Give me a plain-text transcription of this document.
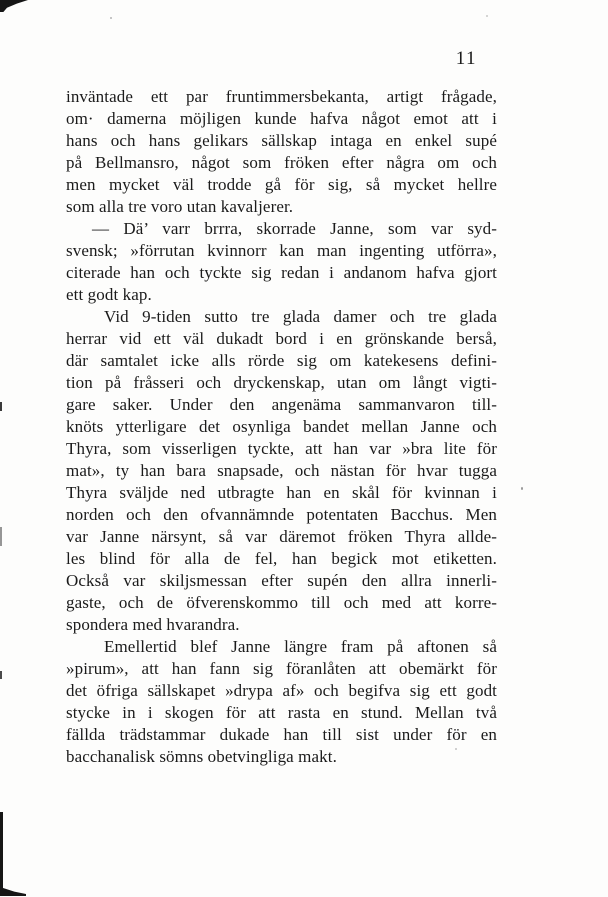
11
inväntade ett par fruntimmersbekanta, artigt frågade,
om· damerna möjligen kunde hafva något emot att i
hans och hans gelikars sällskap intaga en enkel supé
på Bellmansro, något som fröken efter några om och
men mycket väl trodde gå för sig, så mycket hellre
som alla tre voro utan kavaljerer.
— Dä’ varr brrra, skorrade Janne, som var syd-
svensk; »förrutan kvinnorr kan man ingenting utförra»,
citerade han och tyckte sig redan i andanom hafva gjort
ett godt kap.
Vid 9-tiden sutto tre glada damer och tre glada
herrar vid ett väl dukadt bord i en grönskande berså,
där samtalet icke alls rörde sig om katekesens defini-
tion på fråsseri och dryckenskap, utan om långt vigti-
gare saker. Under den angenäma sammanvaron till-
knöts ytterligare det osynliga bandet mellan Janne och
Thyra, som visserligen tyckte, att han var »bra lite för
mat», ty han bara snapsade, och nästan för hvar tugga
Thyra sväljde ned utbragte han en skål för kvinnan i
norden och den ofvannämnde potentaten Bacchus. Men
var Janne närsynt, så var däremot fröken Thyra allde-
les blind för alla de fel, han begick mot etiketten.
Också var skiljsmessan efter supén den allra innerli-
gaste, och de öfverenskommo till och med att korre-
spondera med hvarandra.
Emellertid blef Janne längre fram på aftonen så
»pirum», att han fann sig föranlåten att obemärkt för
det öfriga sällskapet »drypa af» och begifva sig ett godt
stycke in i skogen för att rasta en stund. Mellan två
fällda trädstammar dukade han till sist under för en
bacchanalisk sömns obetvingliga makt.
